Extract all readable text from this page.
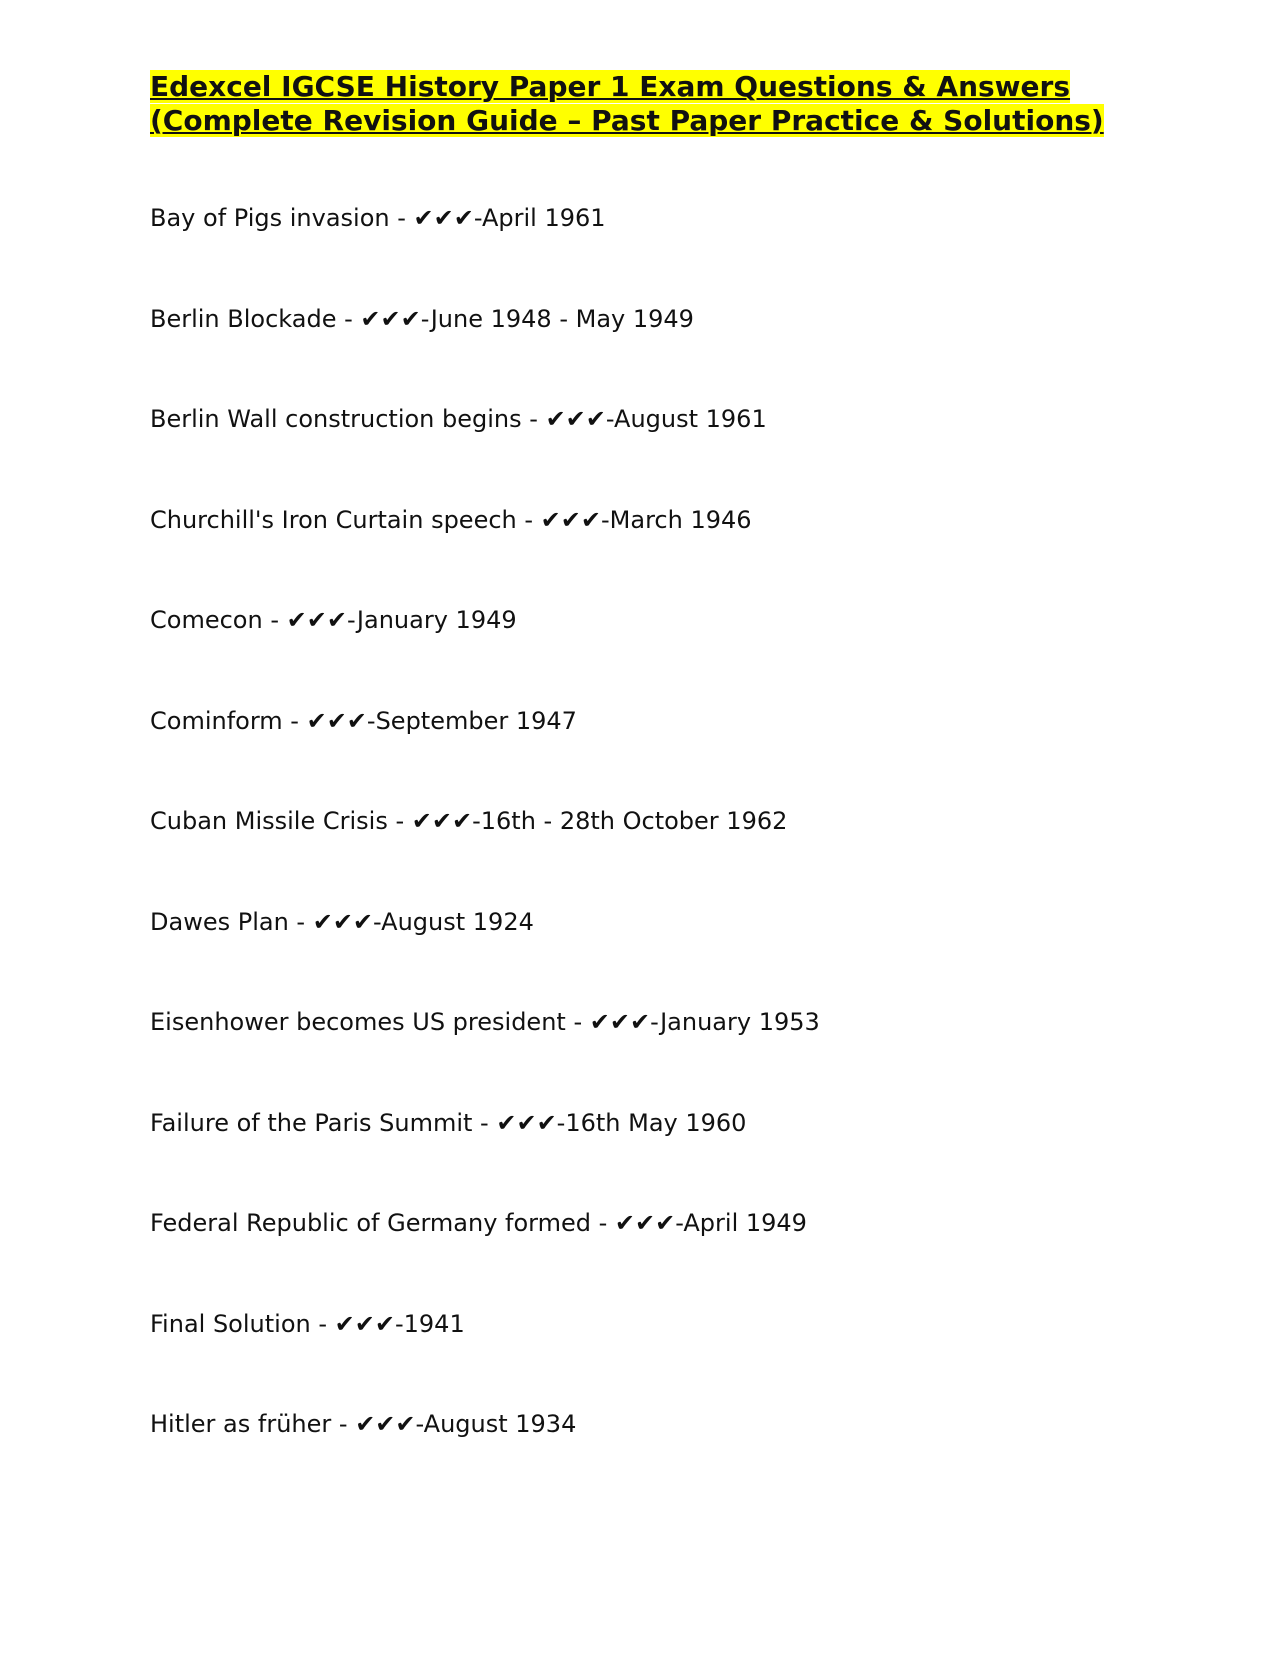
Edexcel IGCSE History Paper 1 Exam Questions & Answers (Complete Revision Guide – Past Paper Practice & Solutions)
Bay of Pigs invasion - ✔✔✔-April 1961
Berlin Blockade - ✔✔✔-June 1948 - May 1949
Berlin Wall construction begins - ✔✔✔-August 1961
Churchill's Iron Curtain speech - ✔✔✔-March 1946
Comecon - ✔✔✔-January 1949
Cominform - ✔✔✔-September 1947
Cuban Missile Crisis - ✔✔✔-16th - 28th October 1962
Dawes Plan - ✔✔✔-August 1924
Eisenhower becomes US president - ✔✔✔-January 1953
Failure of the Paris Summit - ✔✔✔-16th May 1960
Federal Republic of Germany formed - ✔✔✔-April 1949
Final Solution - ✔✔✔-1941
Hitler as früher - ✔✔✔-August 1934
